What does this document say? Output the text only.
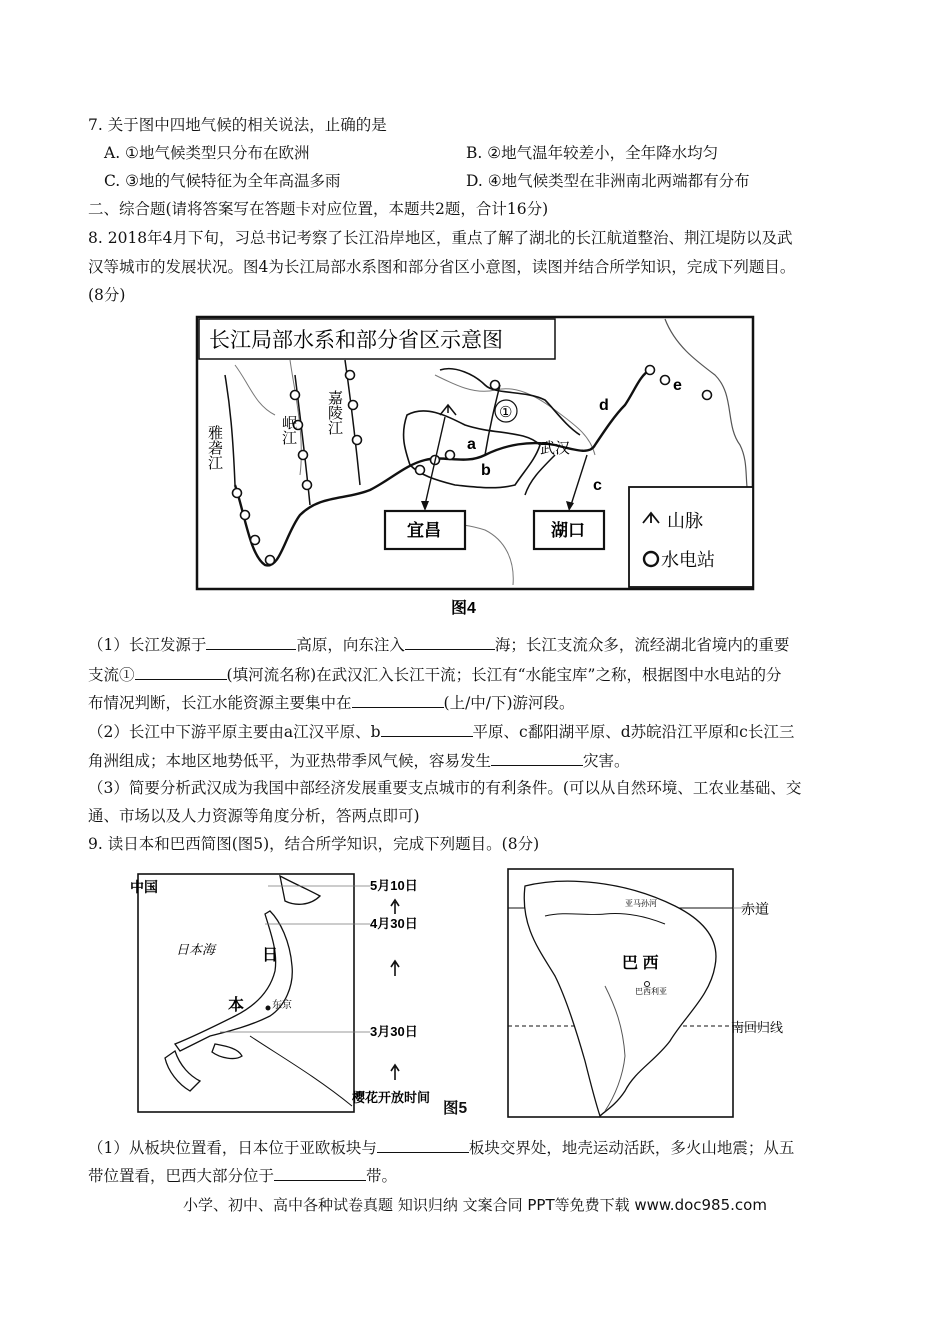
7. 关于图中四地气候的相关说法，止确的是
A. ①地气候类型只分布在欧洲	B. ②地气温年较差小，全年降水均匀
C. ③地的气候特征为全年高温多雨	D. ④地气候类型在非洲南北两端都有分布
二、综合题(请将答案写在答题卡对应位置，本题共2题，合计16分)
8. 2018年4月下旬，习总书记考察了长江沿岸地区，重点了解了湖北的长江航道整治、荆江堤防以及武
汉等城市的发展状况。图4为长江局部水系图和部分省区小意图，读图并结合所学知识，完成下列题目。
(8分)
长江局部水系和部分省区示意图
雅砻江	岷江 嘉陵江	①
a
b
c
d
e
武汉
宜昌	湖口	山脉
水电站
图4
（1）长江发源于	高原，向东注入	海；长江支流众多，流经湖北省境内的重要
支流①	(填河流名称)在武汉汇入长江干流；长江有“水能宝库”之称，根据图中水电站的分
布情况判断，长江水能资源主要集中在	(上/中/下)游河段。
（2）长江中下游平原主要由a江汉平原、b	平原、c鄱阳湖平原、d苏皖沿江平原和c长江三
角洲组成；本地区地势低平，为亚热带季风气候，容易发生	灾害。
（3）简要分析武汉成为我国中部经济发展重要支点城市的有利条件。(可以从自然环境、工农业基础、交
通、市场以及人力资源等角度分析，答两点即可)
9. 读日本和巴西简图(图5)，结合所学知识，完成下列题目。(8分)
中国
日本海
东京
日
本
5月10日
4月30日
3月30日
樱花开放时间
亚马孙河
巴 西
巴西利亚
赤道
南回归线
图5
（1）从板块位置看，日本位于亚欧板块与	板块交界处，地壳运动活跃，多火山地震；从五
带位置看，巴西大部分位于	带。
小学、初中、高中各种试卷真题 知识归纳 文案合同 PPT等免费下载 www.doc985.com
